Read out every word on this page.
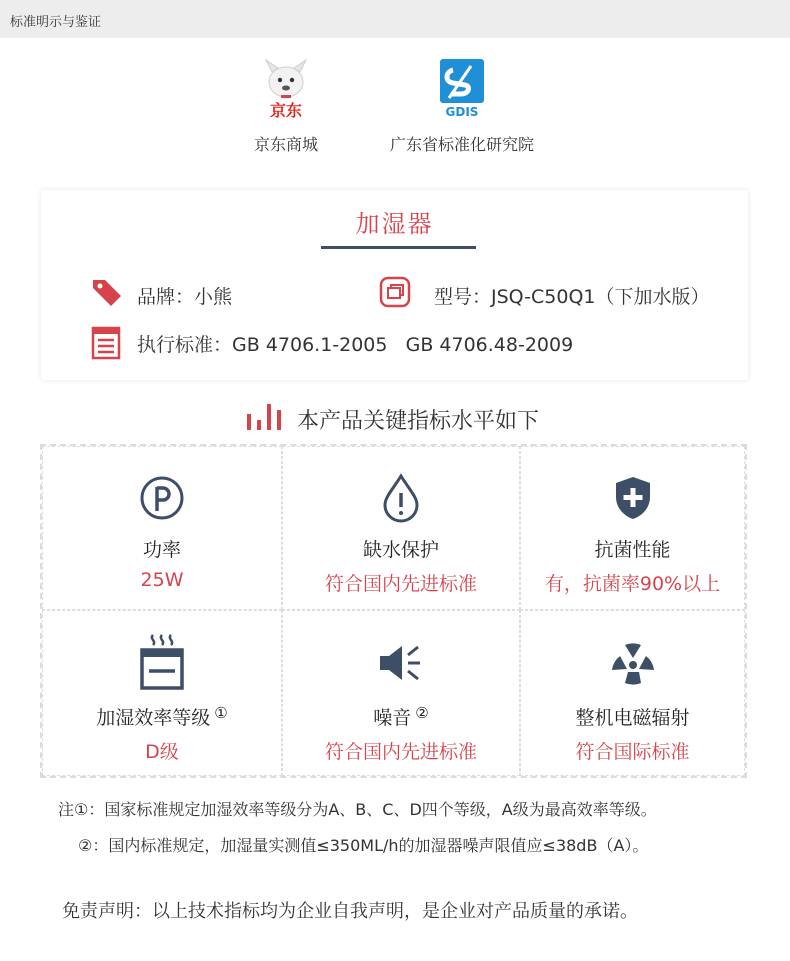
标准明示与鉴证
京东
京东商城
GDIS
广东省标准化研究院
加湿器
品牌：小熊	型号：JSQ-C50Q1（下加水版）
执行标准：GB 4706.1-2005   GB 4706.48-2009
本产品关键指标水平如下
功率
25W
缺水保护
符合国内先进标准
抗菌性能
有，抗菌率90%以上
加湿效率等级 ①
D级
噪音 ②
符合国内先进标准
整机电磁辐射
符合国际标准
注①：国家标准规定加湿效率等级分为A、B、C、D四个等级，A级为最高效率等级。
②：国内标准规定，加湿量实测值≤350ML/h的加湿器噪声限值应≤38dB（A）。
免责声明：以上技术指标均为企业自我声明，是企业对产品质量的承诺。
